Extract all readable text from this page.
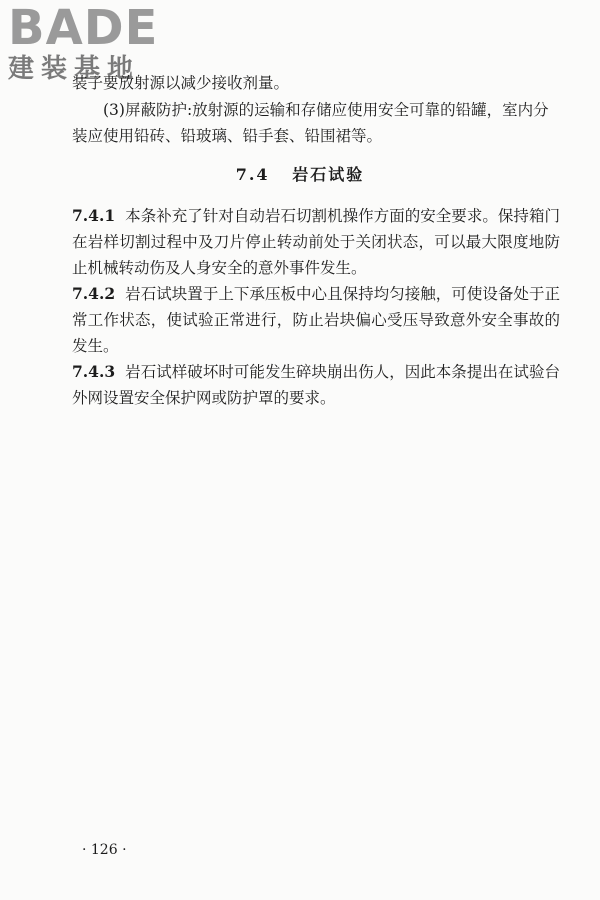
BADE
建装基地
装子要放射源以减少接收剂量。
(3)屏蔽防护:放射源的运输和存储应使用安全可靠的铅罐，室内分装应使用铅砖、铅玻璃、铅手套、铅围裙等。
7.4 岩石试验
7.4.1 本条补充了针对自动岩石切割机操作方面的安全要求。保持箱门在岩样切割过程中及刀片停止转动前处于关闭状态，可以最大限度地防止机械转动伤及人身安全的意外事件发生。
7.4.2 岩石试块置于上下承压板中心且保持均匀接触，可使设备处于正常工作状态，使试验正常进行，防止岩块偏心受压导致意外安全事故的发生。
7.4.3 岩石试样破坏时可能发生碎块崩出伤人，因此本条提出在试验台外网设置安全保护网或防护罩的要求。
· 126 ·
